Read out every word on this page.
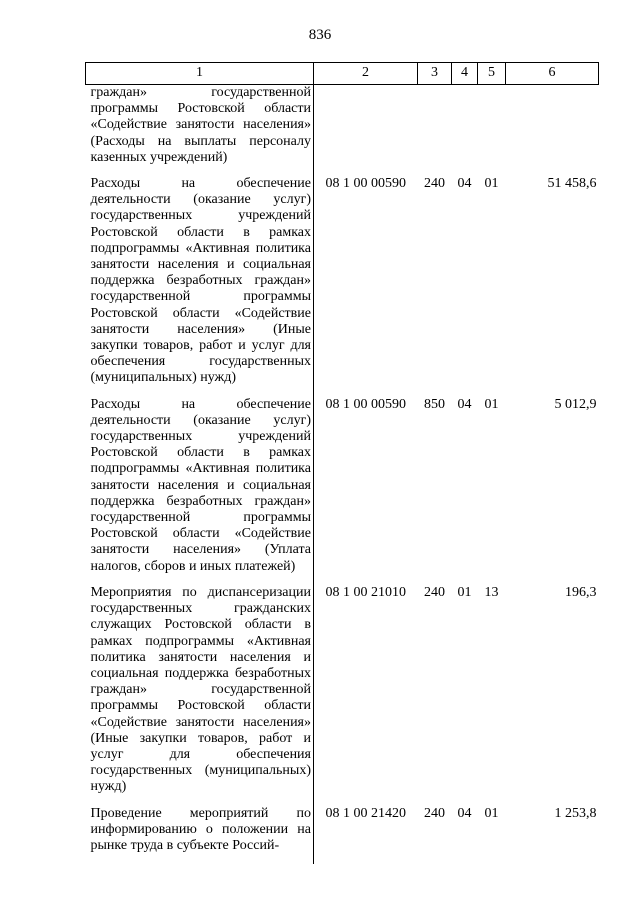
836
1	2	3	4	5	6
граждан» государственной программы Ростовской области «Содействие занятости населения» (Расходы на выплаты персоналу казенных учреждений)					
Расходы на обеспечение деятельности (оказание услуг) государственных учреждений Ростовской области в рамках подпрограммы «Активная политика занятости населения и социальная поддержка безработных граждан» государственной программы Ростовской области «Содействие занятости населения» (Иные закупки товаров, работ и услуг для обеспечения государственных (муниципальных) нужд)	08 1 00 00590	240	04	01	51 458,6
Расходы на обеспечение деятельности (оказание услуг) государственных учреждений Ростовской области в рамках подпрограммы «Активная политика занятости населения и социальная поддержка безработных граждан» государственной программы Ростовской области «Содействие занятости населения» (Уплата налогов, сборов и иных платежей)	08 1 00 00590	850	04	01	5 012,9
Мероприятия по диспансеризации государственных гражданских служащих Ростовской области в рамках подпрограммы «Активная политика занятости населения и социальная поддержка безработных граждан» государственной программы Ростовской области «Содействие занятости населения» (Иные закупки товаров, работ и услуг для обеспечения государственных (муниципальных) нужд)	08 1 00 21010	240	01	13	196,3
Проведение мероприятий по информированию о положении на рынке труда в субъекте Россий-	08 1 00 21420	240	04	01	1 253,8
